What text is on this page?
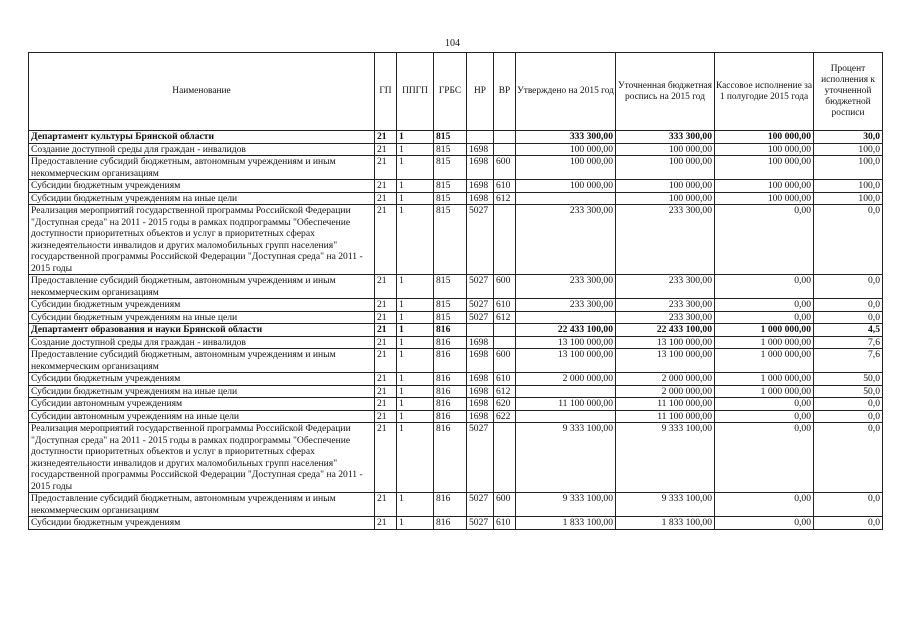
104
Наименование	ГП	ППГП	ГРБС	НР	ВР	Утверждено на 2015 год	Уточненная бюджетная роспись на 2015 год	Кассовое исполнение за 1 полугодие 2015 года	Процент исполнения к уточненной бюджетной росписи
Департамент культуры Брянской области	21	1	815			333 300,00	333 300,00	100 000,00	30,0
Создание доступной среды для граждан - инвалидов	21	1	815	1698		100 000,00	100 000,00	100 000,00	100,0
Предоставление субсидий бюджетным, автономным учреждениям и иным некоммерческим организациям	21	1	815	1698	600	100 000,00	100 000,00	100 000,00	100,0
Субсидии бюджетным учреждениям	21	1	815	1698	610	100 000,00	100 000,00	100 000,00	100,0
Субсидии бюджетным учреждениям на иные цели	21	1	815	1698	612		100 000,00	100 000,00	100,0
Реализация мероприятий государственной программы Российской Федерации "Доступная среда" на 2011 - 2015 годы в рамках подпрограммы "Обеспечение доступности приоритетных объектов и услуг в приоритетных сферах жизнедеятельности инвалидов и других маломобильных групп населения" государственной программы Российской Федерации "Доступная среда" на 2011 - 2015 годы	21	1	815	5027		233 300,00	233 300,00	0,00	0,0
Предоставление субсидий бюджетным, автономным учреждениям и иным некоммерческим организациям	21	1	815	5027	600	233 300,00	233 300,00	0,00	0,0
Субсидии бюджетным учреждениям	21	1	815	5027	610	233 300,00	233 300,00	0,00	0,0
Субсидии бюджетным учреждениям на иные цели	21	1	815	5027	612		233 300,00	0,00	0,0
Департамент образования и науки Брянской области	21	1	816			22 433 100,00	22 433 100,00	1 000 000,00	4,5
Создание доступной среды для граждан - инвалидов	21	1	816	1698		13 100 000,00	13 100 000,00	1 000 000,00	7,6
Предоставление субсидий бюджетным, автономным учреждениям и иным некоммерческим организациям	21	1	816	1698	600	13 100 000,00	13 100 000,00	1 000 000,00	7,6
Субсидии бюджетным учреждениям	21	1	816	1698	610	2 000 000,00	2 000 000,00	1 000 000,00	50,0
Субсидии бюджетным учреждениям на иные цели	21	1	816	1698	612		2 000 000,00	1 000 000,00	50,0
Субсидии автономным учреждениям	21	1	816	1698	620	11 100 000,00	11 100 000,00	0,00	0,0
Субсидии автономным учреждениям на иные цели	21	1	816	1698	622		11 100 000,00	0,00	0,0
Реализация мероприятий государственной программы Российской Федерации "Доступная среда" на 2011 - 2015 годы в рамках подпрограммы "Обеспечение доступности приоритетных объектов и услуг в приоритетных сферах жизнедеятельности инвалидов и других маломобильных групп населения" государственной программы Российской Федерации "Доступная среда" на 2011 - 2015 годы	21	1	816	5027		9 333 100,00	9 333 100,00	0,00	0,0
Предоставление субсидий бюджетным, автономным учреждениям и иным некоммерческим организациям	21	1	816	5027	600	9 333 100,00	9 333 100,00	0,00	0,0
Субсидии бюджетным учреждениям	21	1	816	5027	610	1 833 100,00	1 833 100,00	0,00	0,0
